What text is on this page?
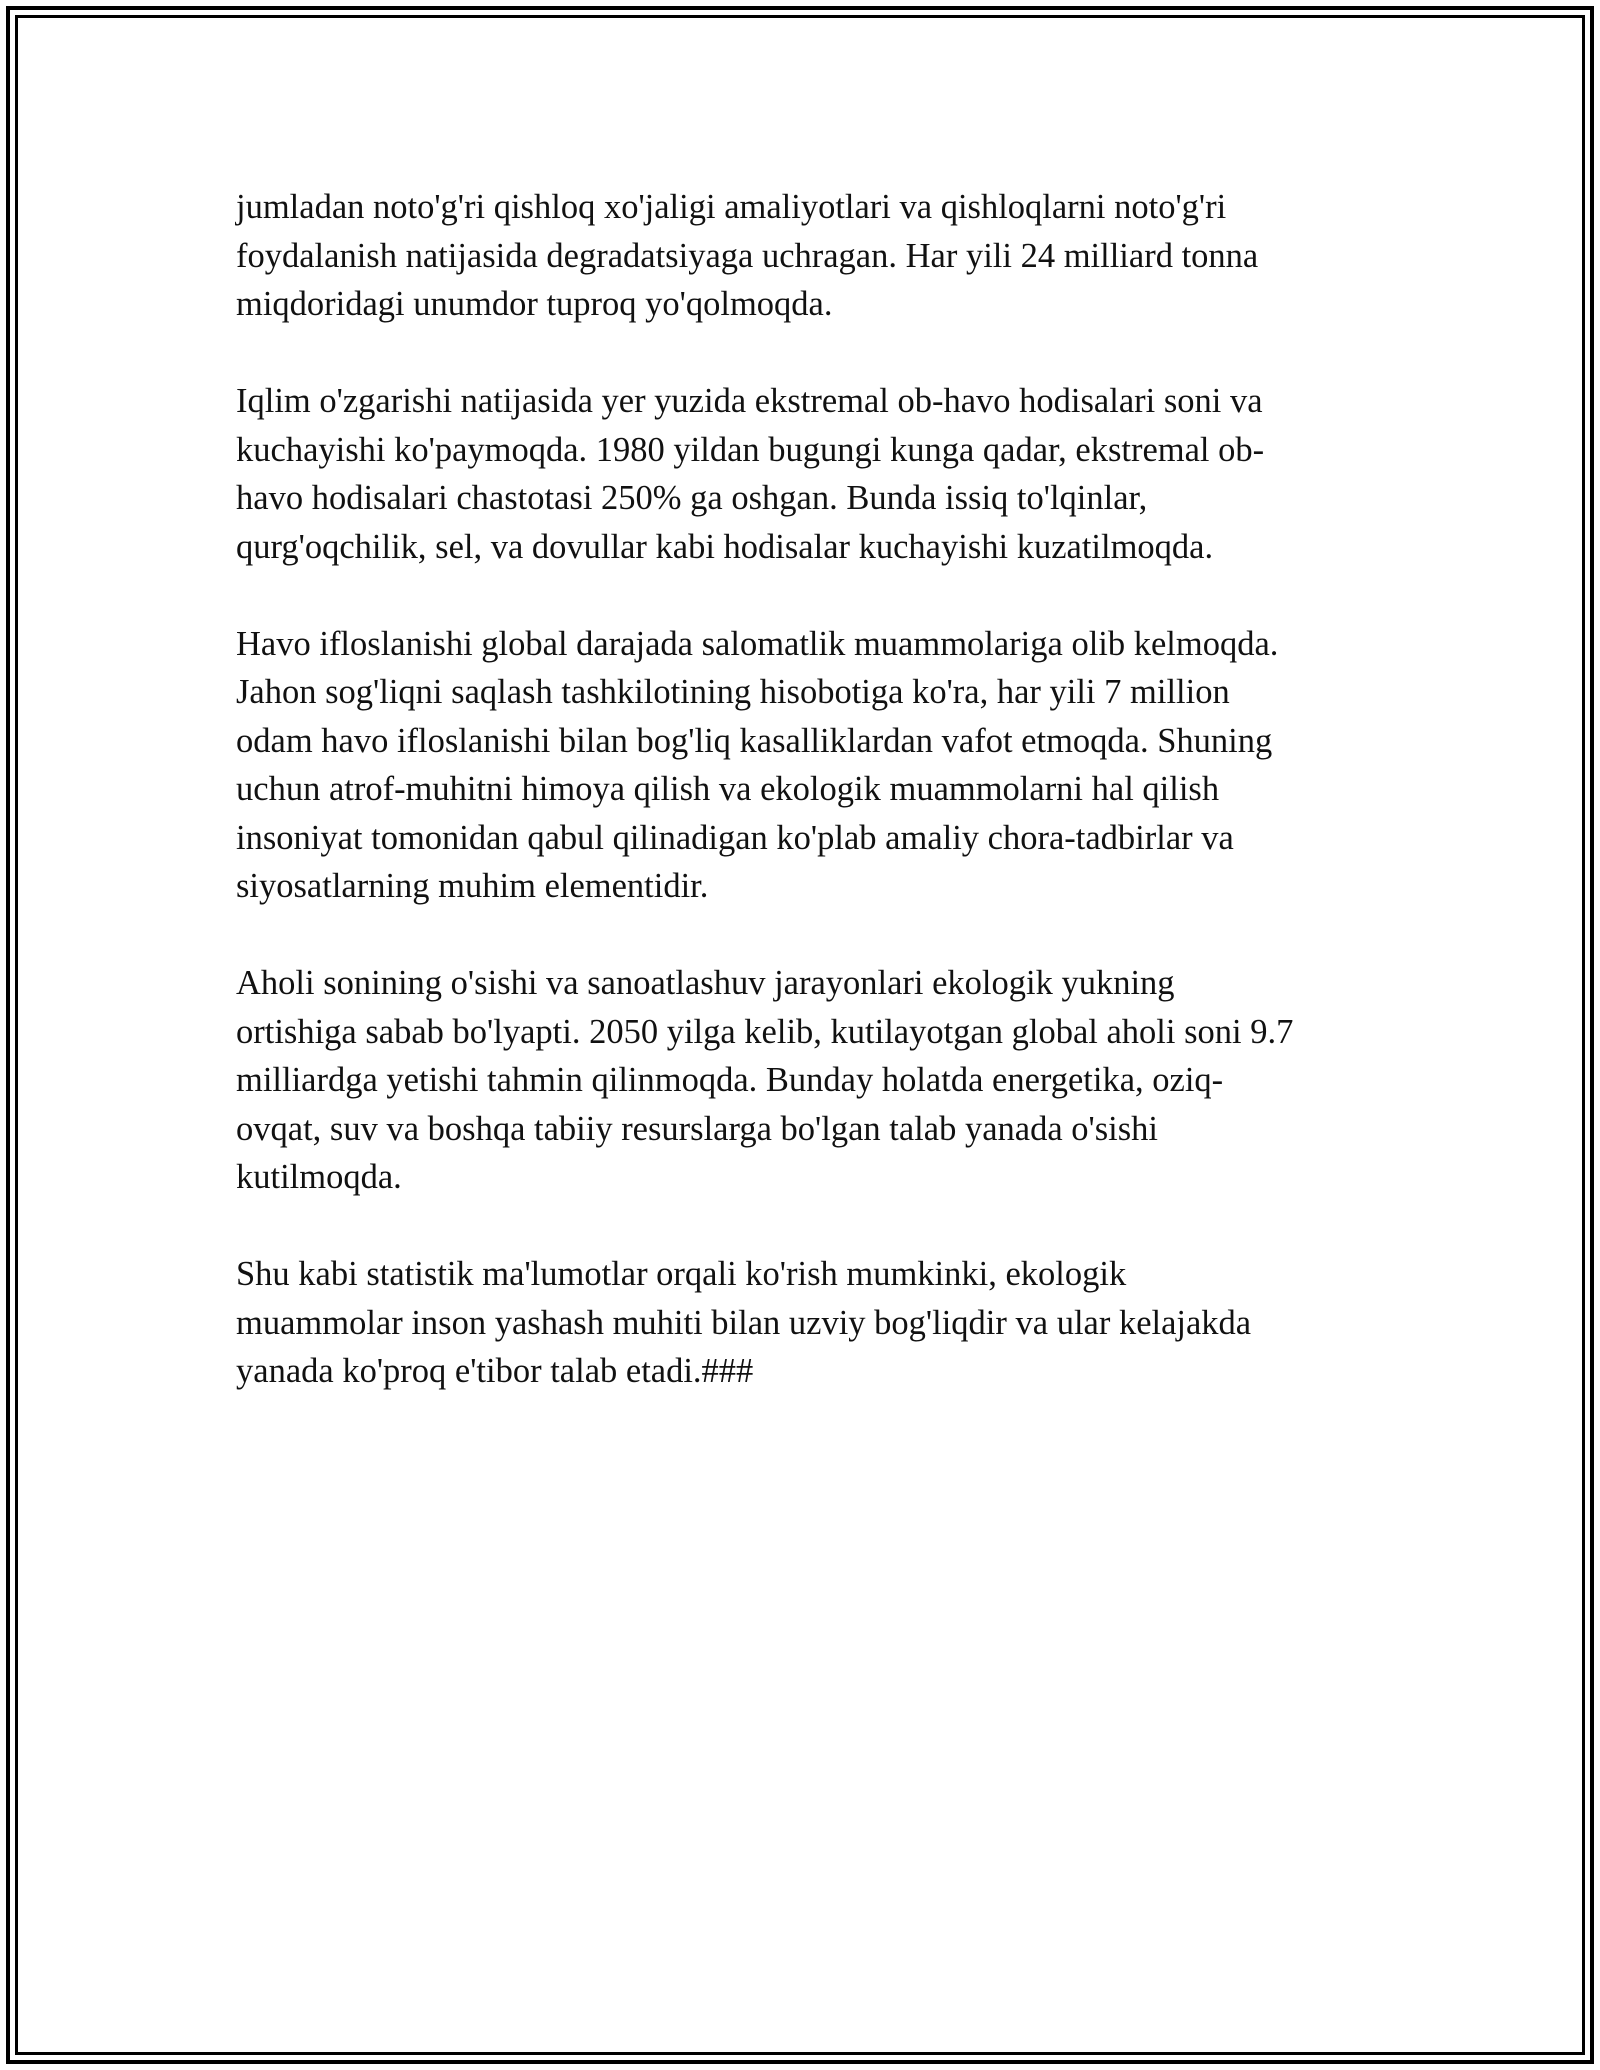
jumladan noto'g'ri qishloq xo'jaligi amaliyotlari va qishloqlarni noto'g'ri
foydalanish natijasida degradatsiyaga uchragan. Har yili 24 milliard tonna
miqdoridagi unumdor tuproq yo'qolmoqda.

Iqlim o'zgarishi natijasida yer yuzida ekstremal ob-havo hodisalari soni va
kuchayishi ko'paymoqda. 1980 yildan bugungi kunga qadar, ekstremal ob-
havo hodisalari chastotasi 250% ga oshgan. Bunda issiq to'lqinlar,
qurg'oqchilik, sel, va dovullar kabi hodisalar kuchayishi kuzatilmoqda.

Havo ifloslanishi global darajada salomatlik muammolariga olib kelmoqda.
Jahon sog'liqni saqlash tashkilotining hisobotiga ko'ra, har yili 7 million
odam havo ifloslanishi bilan bog'liq kasalliklardan vafot etmoqda. Shuning
uchun atrof-muhitni himoya qilish va ekologik muammolarni hal qilish
insoniyat tomonidan qabul qilinadigan ko'plab amaliy chora-tadbirlar va
siyosatlarning muhim elementidir.

Aholi sonining o'sishi va sanoatlashuv jarayonlari ekologik yukning
ortishiga sabab bo'lyapti. 2050 yilga kelib, kutilayotgan global aholi soni 9.7
milliardga yetishi tahmin qilinmoqda. Bunday holatda energetika, oziq-
ovqat, suv va boshqa tabiiy resurslarga bo'lgan talab yanada o'sishi
kutilmoqda.

Shu kabi statistik ma'lumotlar orqali ko'rish mumkinki, ekologik
muammolar inson yashash muhiti bilan uzviy bog'liqdir va ular kelajakda
yanada ko'proq e'tibor talab etadi.###
